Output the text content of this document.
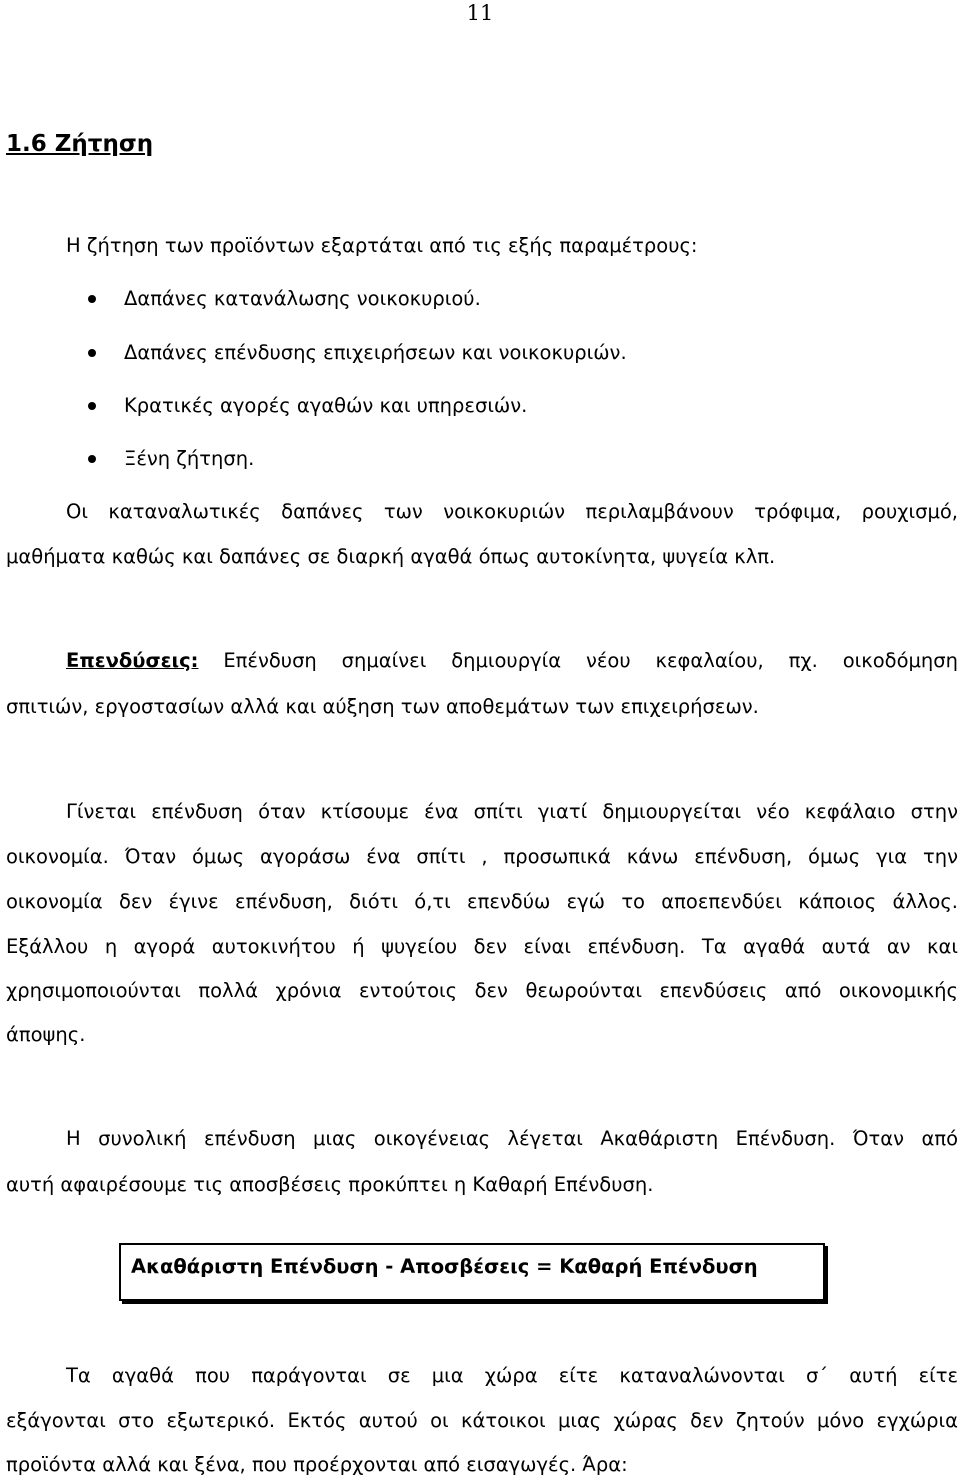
11
1.6 Ζήτηση
Η ζήτηση των προϊόντων εξαρτάται από τις εξής παραμέτρους:
Δαπάνες κατανάλωσης νοικοκυριού.
Δαπάνες επένδυσης επιχειρήσεων και νοικοκυριών.
Κρατικές αγορές αγαθών και υπηρεσιών.
Ξένη ζήτηση.
Οι καταναλωτικές δαπάνες των νοικοκυριών περιλαμβάνουν τρόφιμα, ρουχισμό,
μαθήματα καθώς και δαπάνες σε διαρκή αγαθά όπως αυτοκίνητα, ψυγεία κλπ.
Επενδύσεις: Επένδυση σημαίνει δημιουργία νέου κεφαλαίου, πχ. οικοδόμηση
σπιτιών, εργοστασίων αλλά και αύξηση των αποθεμάτων των επιχειρήσεων.
Γίνεται επένδυση όταν κτίσουμε ένα σπίτι γιατί δημιουργείται νέο κεφάλαιο στην
οικονομία. Όταν όμως αγοράσω ένα σπίτι , προσωπικά κάνω επένδυση, όμως για την
οικονομία δεν έγινε επένδυση, διότι ό,τι επενδύω εγώ το αποεπενδύει κάποιος άλλος.
Εξάλλου η αγορά αυτοκινήτου ή ψυγείου δεν είναι επένδυση. Τα αγαθά αυτά αν και
χρησιμοποιούνται πολλά χρόνια εντούτοις δεν θεωρούνται επενδύσεις από οικονομικής
άποψης.
Η συνολική επένδυση μιας οικογένειας λέγεται Ακαθάριστη Επένδυση. Όταν από
αυτή αφαιρέσουμε τις αποσβέσεις προκύπτει η Καθαρή Επένδυση.
Ακαθάριστη Επένδυση - Αποσβέσεις = Καθαρή Επένδυση
Τα αγαθά που παράγονται σε μια χώρα είτε καταναλώνονται σ΄ αυτή είτε
εξάγονται στο εξωτερικό. Εκτός αυτού οι κάτοικοι μιας χώρας δεν ζητούν μόνο εγχώρια
προϊόντα αλλά και ξένα, που προέρχονται από εισαγωγές. Άρα:
